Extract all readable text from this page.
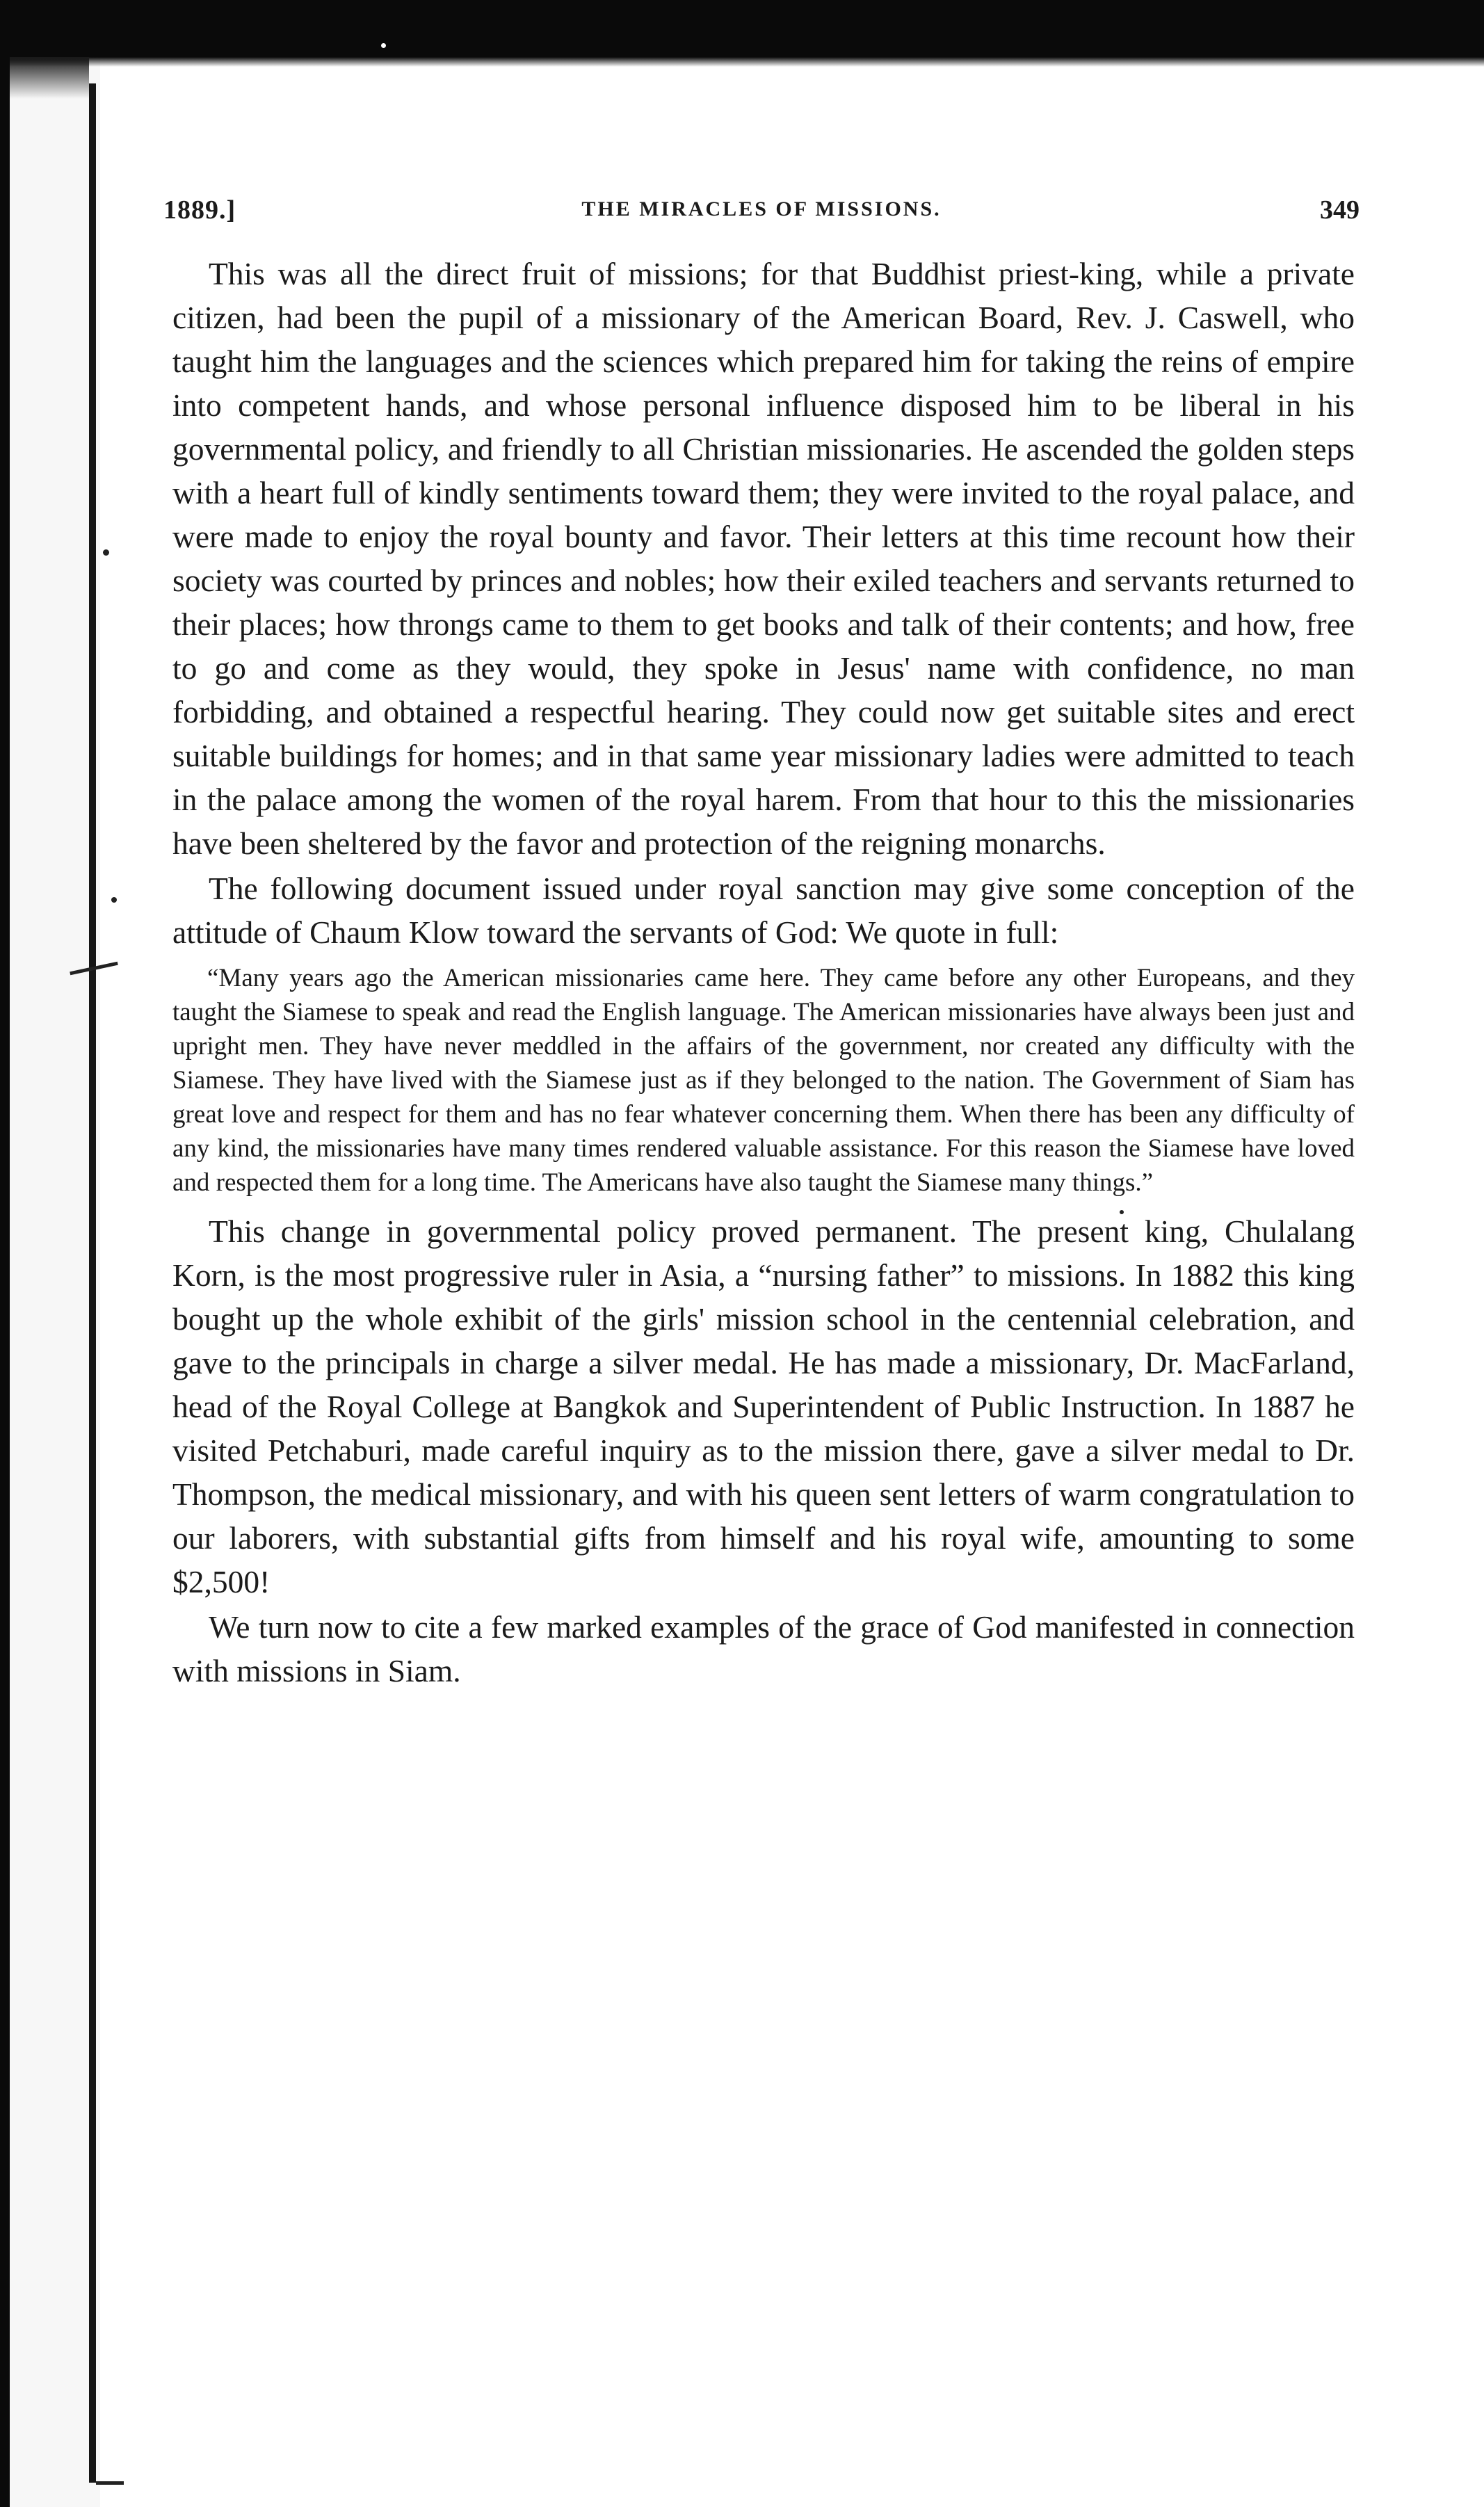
1889.]	THE MIRACLES OF MISSIONS.	349

This was all the direct fruit of missions; for that Buddhist priest-king, while a private citizen, had been the pupil of a missionary of the American Board, Rev. J. Caswell, who taught him the languages and the sciences which prepared him for taking the reins of empire into competent hands, and whose personal influence disposed him to be liberal in his governmental policy, and friendly to all Christian missionaries. He ascended the golden steps with a heart full of kindly sentiments toward them; they were invited to the royal palace, and were made to enjoy the royal bounty and favor. Their letters at this time recount how their society was courted by princes and nobles; how their exiled teachers and servants returned to their places; how throngs came to them to get books and talk of their contents; and how, free to go and come as they would, they spoke in Jesus' name with confidence, no man forbidding, and obtained a respectful hearing. They could now get suitable sites and erect suitable buildings for homes; and in that same year missionary ladies were admitted to teach in the palace among the women of the royal harem. From that hour to this the missionaries have been sheltered by the favor and protection of the reigning monarchs.

The following document issued under royal sanction may give some conception of the attitude of Chaum Klow toward the servants of God: We quote in full:

“Many years ago the American missionaries came here. They came before any other Europeans, and they taught the Siamese to speak and read the English language. The American missionaries have always been just and upright men. They have never meddled in the affairs of the government, nor created any difficulty with the Siamese. They have lived with the Siamese just as if they belonged to the nation. The Government of Siam has great love and respect for them and has no fear whatever concerning them. When there has been any difficulty of any kind, the missionaries have many times rendered valuable assistance. For this reason the Siamese have loved and respected them for a long time. The Americans have also taught the Siamese many things.”

This change in governmental policy proved permanent. The present king, Chulalang Korn, is the most progressive ruler in Asia, a “nursing father” to missions. In 1882 this king bought up the whole exhibit of the girls' mission school in the centennial celebration, and gave to the principals in charge a silver medal. He has made a missionary, Dr. MacFarland, head of the Royal College at Bangkok and Superintendent of Public Instruction. In 1887 he visited Petchaburi, made careful inquiry as to the mission there, gave a silver medal to Dr. Thompson, the medical missionary, and with his queen sent letters of warm congratulation to our laborers, with substantial gifts from himself and his royal wife, amounting to some $2,500!

We turn now to cite a few marked examples of the grace of God manifested in connection with missions in Siam.
